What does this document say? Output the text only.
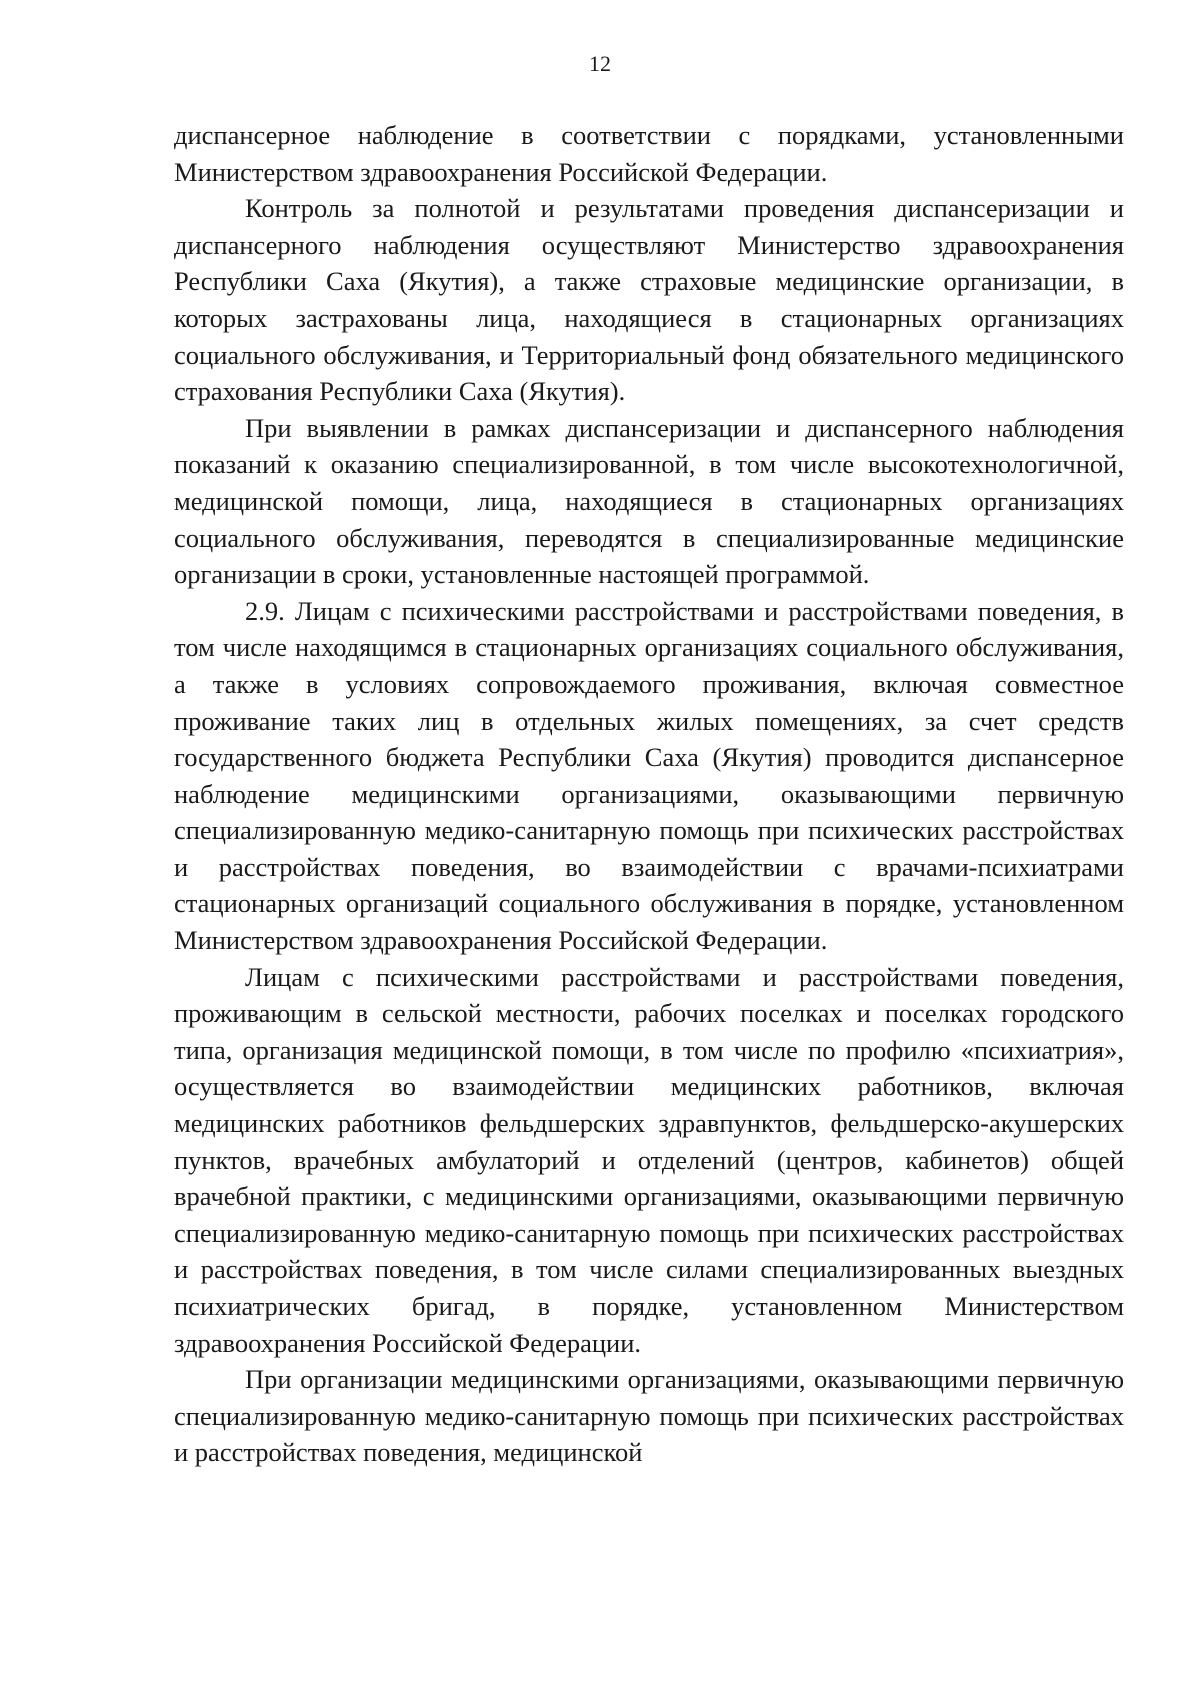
12

диспансерное наблюдение в соответствии с порядками, установленными Министерством здравоохранения Российской Федерации.

Контроль за полнотой и результатами проведения диспансеризации и диспансерного наблюдения осуществляют Министерство здравоохранения Республики Саха (Якутия), а также страховые медицинские организации, в которых застрахованы лица, находящиеся в стационарных организациях социального обслуживания, и Территориальный фонд обязательного медицинского страхования Республики Саха (Якутия).

При выявлении в рамках диспансеризации и диспансерного наблюдения показаний к оказанию специализированной, в том числе высокотехнологичной, медицинской помощи, лица, находящиеся в стационарных организациях социального обслуживания, переводятся в специализированные медицинские организации в сроки, установленные настоящей программой.

2.9. Лицам с психическими расстройствами и расстройствами поведения, в том числе находящимся в стационарных организациях социального обслуживания, а также в условиях сопровождаемого проживания, включая совместное проживание таких лиц в отдельных жилых помещениях, за счет средств государственного бюджета Республики Саха (Якутия) проводится диспансерное наблюдение медицинскими организациями, оказывающими первичную специализированную медико-санитарную помощь при психических расстройствах и расстройствах поведения, во взаимодействии с врачами-психиатрами стационарных организаций социального обслуживания в порядке, установленном Министерством здравоохранения Российской Федерации.

Лицам с психическими расстройствами и расстройствами поведения, проживающим в сельской местности, рабочих поселках и поселках городского типа, организация медицинской помощи, в том числе по профилю «психиатрия», осуществляется во взаимодействии медицинских работников, включая медицинских работников фельдшерских здравпунктов, фельдшерско-акушерских пунктов, врачебных амбулаторий и отделений (центров, кабинетов) общей врачебной практики, с медицинскими организациями, оказывающими первичную специализированную медико-санитарную помощь при психических расстройствах и расстройствах поведения, в том числе силами специализированных выездных психиатрических бригад, в порядке, установленном Министерством здравоохранения Российской Федерации.

При организации медицинскими организациями, оказывающими первичную специализированную медико-санитарную помощь при психических расстройствах и расстройствах поведения, медицинской
